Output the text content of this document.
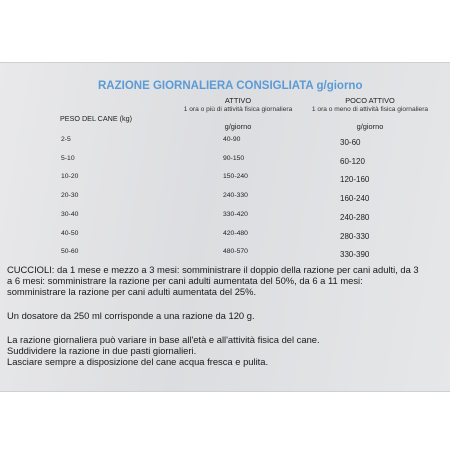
RAZIONE GIORNALIERA CONSIGLIATA g/giorno
PESO DEL CANE (kg)
ATTIVO
1 ora o più di attività fisica giornaliera
g/giorno
POCO ATTIVO
1 ora o meno di attività fisica giornaliera
g/giorno
2-5	40-90	30-60
5-10	90-150	60-120
10-20	150-240	120-160
20-30	240-330	160-240
30-40	330-420	240-280
40-50	420-480	280-330
50-60	480-570	330-390

CUCCIOLI: da 1 mese e mezzo a 3 mesi: somministrare il doppio della razione per cani adulti, da 3

a 6 mesi: somministrare la razione per cani adulti aumentata del 50%, da 6 a 11 mesi:

somministrare la razione per cani adulti aumentata del 25%.

Un dosatore da 250 ml corrisponde a una razione da 120 g.

La razione giornaliera può variare in base all'età e all'attività fisica del cane.

Suddividere la razione in due pasti giornalieri.

Lasciare sempre a disposizione del cane acqua fresca e pulita.
